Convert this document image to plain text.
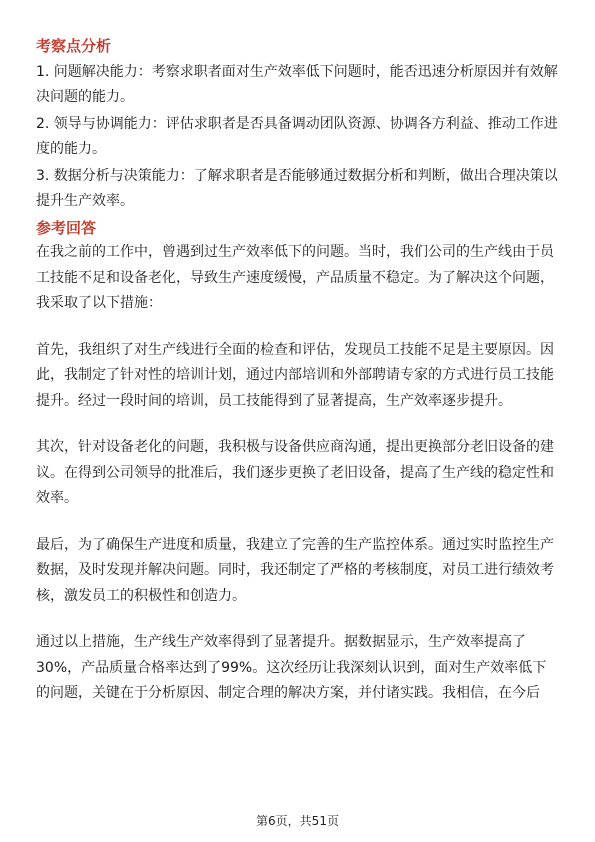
考察点分析
1. 问题解决能力：考察求职者面对生产效率低下问题时，能否迅速分析原因并有效解决问题的能力。
2. 领导与协调能力：评估求职者是否具备调动团队资源、协调各方利益、推动工作进度的能力。
3. 数据分析与决策能力：了解求职者是否能够通过数据分析和判断，做出合理决策以提升生产效率。
参考回答

在我之前的工作中，曾遇到过生产效率低下的问题。当时，我们公司的生产线由于员工技能不足和设备老化，导致生产速度缓慢，产品质量不稳定。为了解决这个问题，我采取了以下措施：

首先，我组织了对生产线进行全面的检查和评估，发现员工技能不足是主要原因。因此，我制定了针对性的培训计划，通过内部培训和外部聘请专家的方式进行员工技能提升。经过一段时间的培训，员工技能得到了显著提高，生产效率逐步提升。

其次，针对设备老化的问题，我积极与设备供应商沟通，提出更换部分老旧设备的建议。在得到公司领导的批准后，我们逐步更换了老旧设备，提高了生产线的稳定性和效率。

最后，为了确保生产进度和质量，我建立了完善的生产监控体系。通过实时监控生产数据，及时发现并解决问题。同时，我还制定了严格的考核制度，对员工进行绩效考核，激发员工的积极性和创造力。

通过以上措施，生产线生产效率得到了显著提升。据数据显示，生产效率提高了30%，产品质量合格率达到了99%。这次经历让我深刻认识到，面对生产效率低下的问题，关键在于分析原因、制定合理的解决方案，并付诸实践。我相信，在今后

第6页，共51页
